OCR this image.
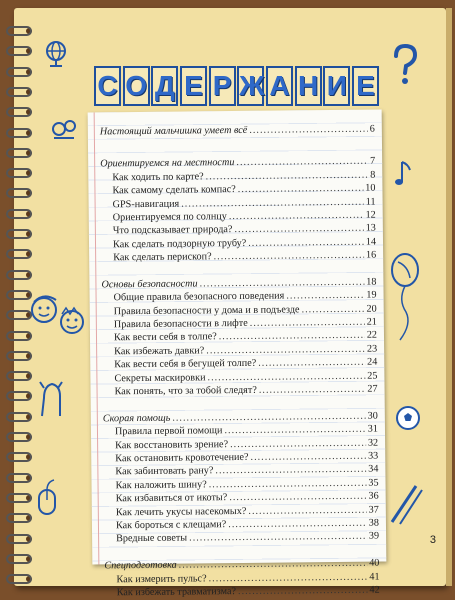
С О Д Е Р Ж А Н И Е
Настоящий мальчишка умеет всё .....	6
Ориентируемся на местности .....	7
Как ходить по карте? .....	8
Как самому сделать компас? .....	10
GPS-навигация .....	11
Ориентируемся по солнцу .....	12
Что подсказывает природа? .....	13
Как сделать подзорную трубу? .....	14
Как сделать перископ? .....	16
Основы безопасности .....	18
Общие правила безопасного поведения .....	19
Правила безопасности у дома и в подъезде .....	20
Правила безопасности в лифте .....	21
Как вести себя в толпе? .....	22
Как избежать давки? .....	23
Как вести себя в бегущей толпе? .....	24
Секреты маскировки .....	25
Как понять, что за тобой следят? .....	27
Скорая помощь .....	30
Правила первой помощи .....	31
Как восстановить зрение? .....	32
Как остановить кровотечение? .....	33
Как забинтовать рану? .....	34
Как наложить шину? .....	35
Как избавиться от икоты? .....	36
Как лечить укусы насекомых? .....	37
Как бороться с клещами? .....	38
Вредные советы .....	39
Спецподготовка .....	40
Как измерить пульс? .....	41
Как избежать травматизма? .....	42
3
